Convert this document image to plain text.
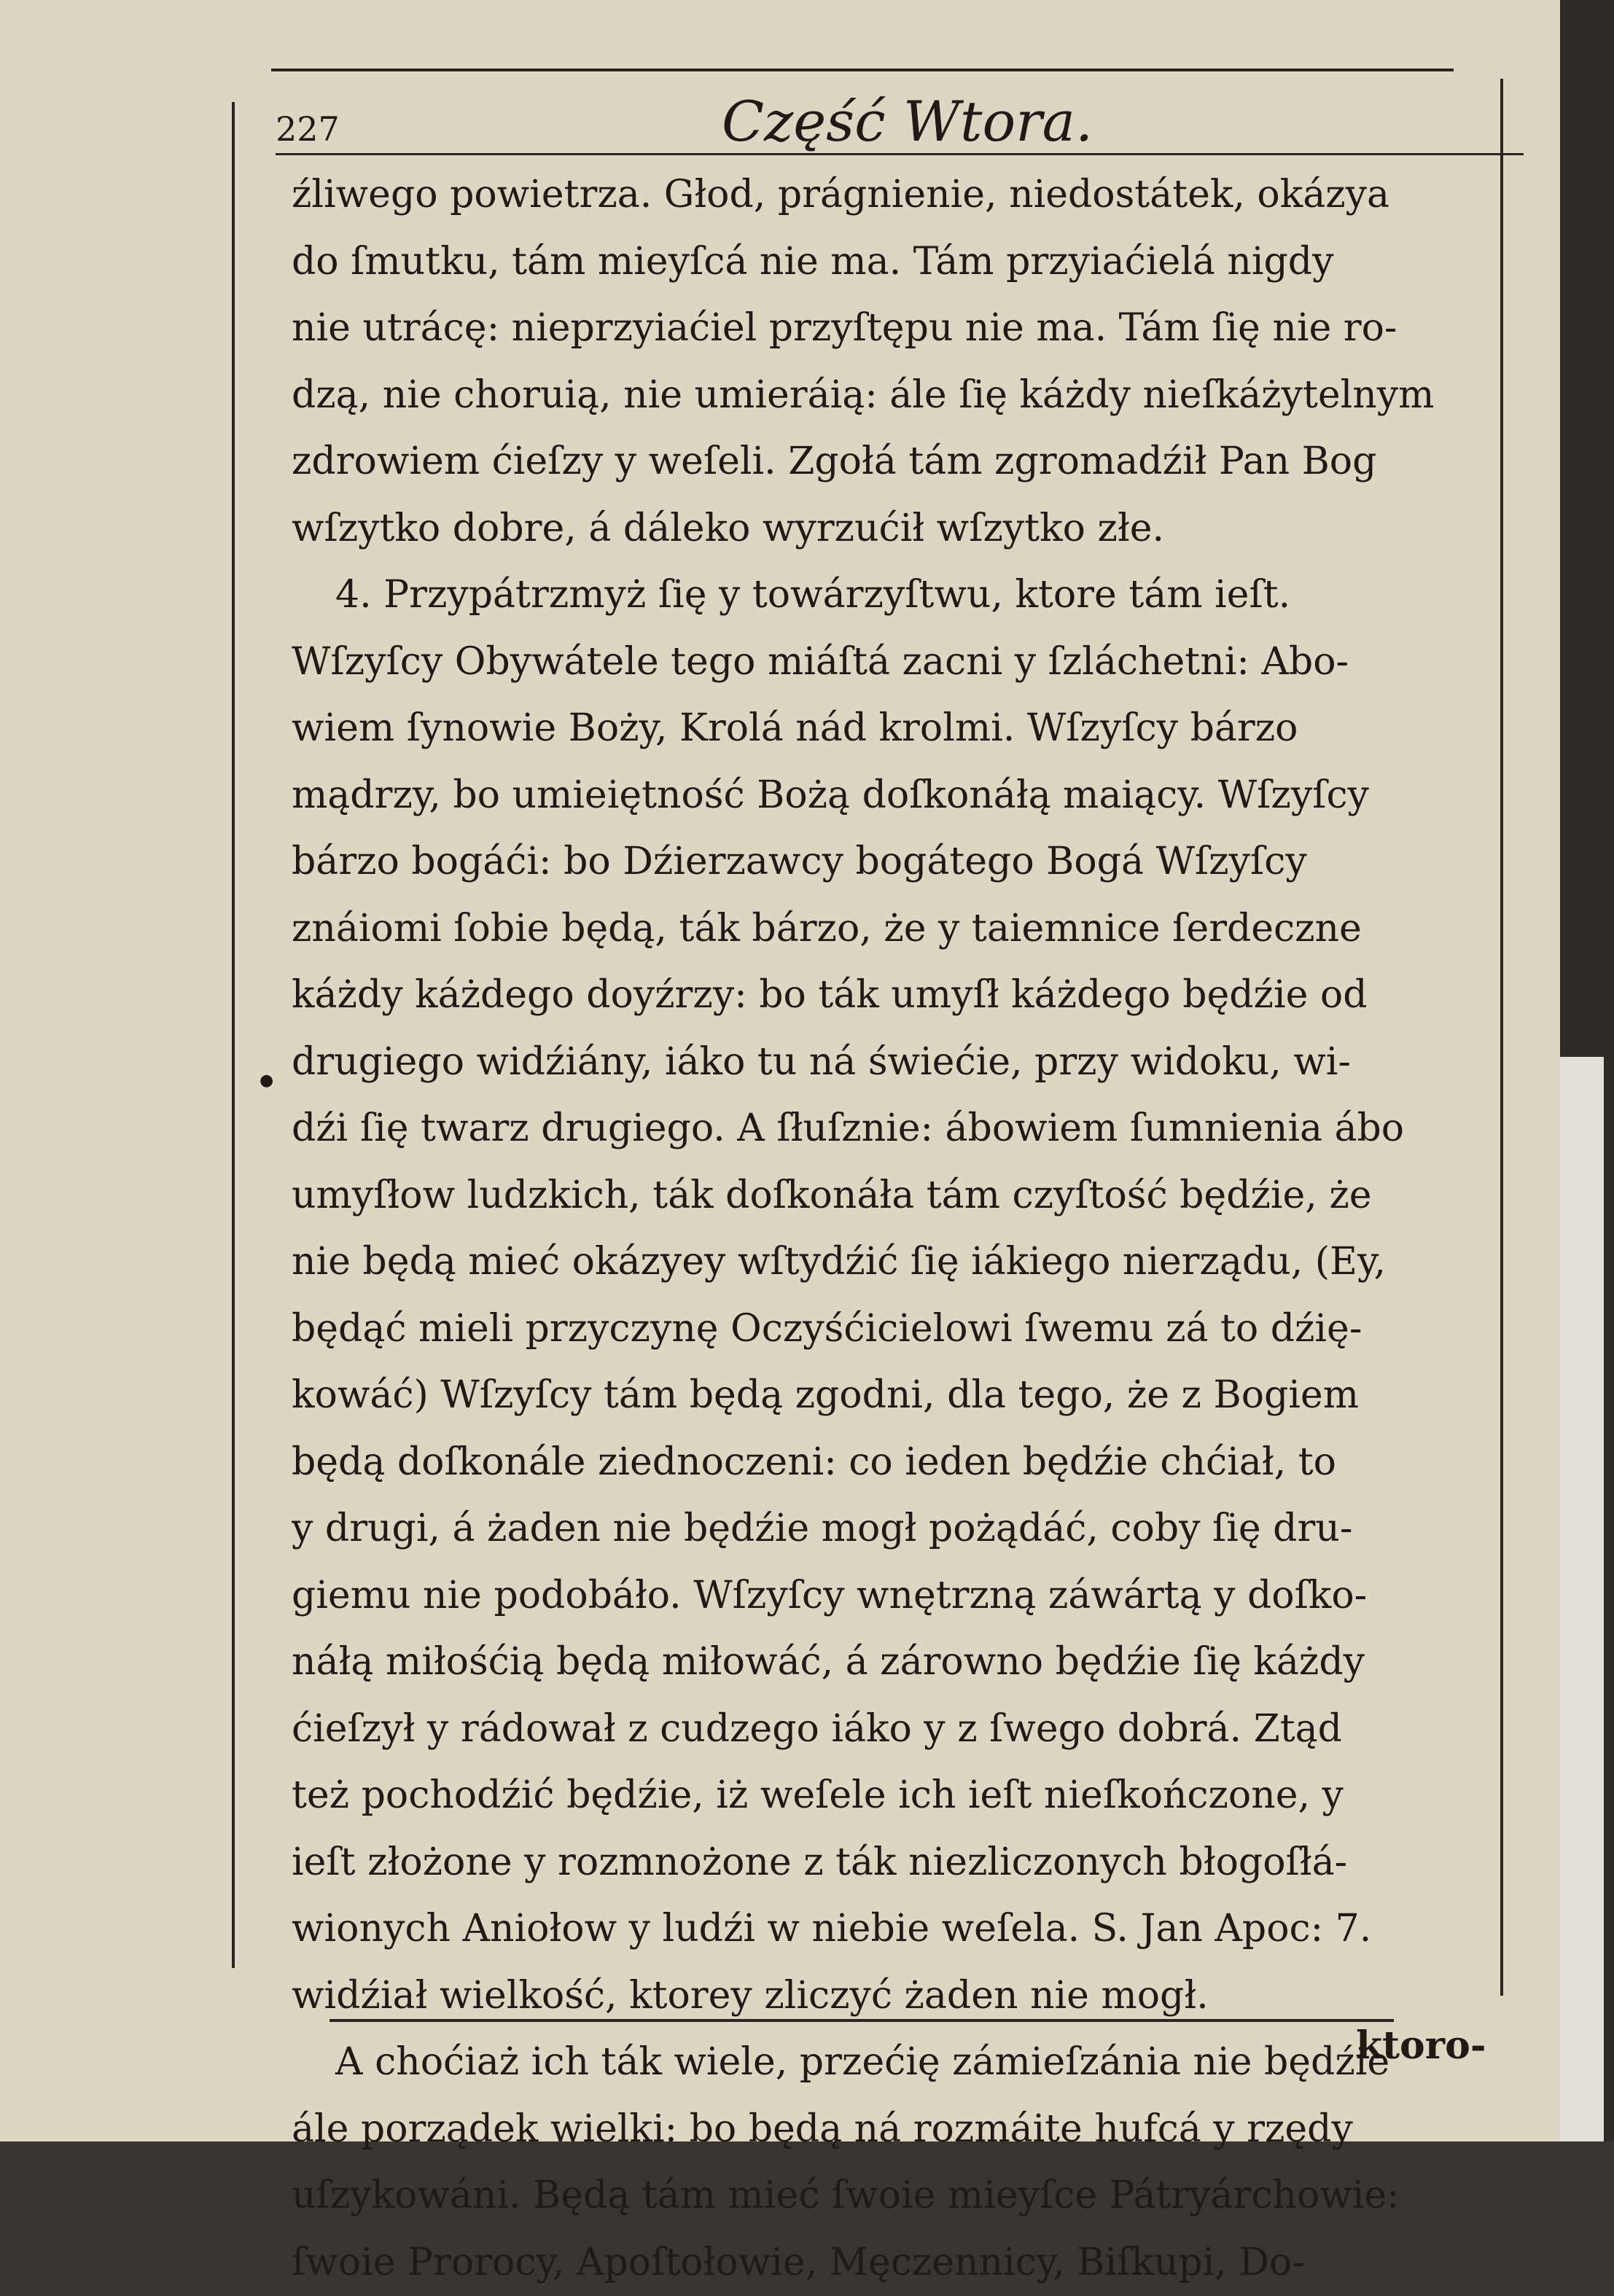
227	Część Wtora.
●
źliwego powietrza. Głod, prágnienie, niedostátek, okázya
do ſmutku, tám mieyſcá nie ma. Tám przyiaćielá nigdy
nie utrácę: nieprzyiaćiel przyſtępu nie ma. Tám ſię nie ro-
dzą, nie choruią, nie umieráią: ále ſię káżdy nieſkáżytelnym
zdrowiem ćieſzy y weſeli. Zgołá tám zgromadźił Pan Bog
wſzytko dobre, á dáleko wyrzućił wſzytko złe.
4. Przypátrzmyż ſię y towárzyſtwu, ktore tám ieſt.
Wſzyſcy Obywátele tego miáſtá zacni y ſzláchetni: Abo-
wiem ſynowie Boży, Krolá nád krolmi. Wſzyſcy bárzo
mądrzy, bo umieiętność Bożą doſkonáłą maiący. Wſzyſcy
bárzo bogáći: bo Dźierzawcy bogátego Bogá Wſzyſcy
znáiomi ſobie będą, ták bárzo, że y taiemnice ſerdeczne
káżdy káżdego doyźrzy: bo ták umyſł káżdego będźie od
drugiego widźiány, iáko tu ná świećie, przy widoku, wi-
dźi ſię twarz drugiego. A ſłuſznie: ábowiem ſumnienia ábo
umyſłow ludzkich, ták doſkonáła tám czyſtość będźie, że
nie będą mieć okázyey wſtydźić ſię iákiego nierządu, (Ey,
będąć mieli przyczynę Oczyśćicielowi ſwemu zá to dźię-
kowáć) Wſzyſcy tám będą zgodni, dla tego, że z Bogiem
będą doſkonále ziednoczeni: co ieden będźie chćiał, to
y drugi, á żaden nie będźie mogł pożądáć, coby ſię dru-
giemu nie podobáło. Wſzyſcy wnętrzną záwártą y doſko-
náłą miłośćią będą miłowáć, á zárowno będźie ſię káżdy
ćieſzył y rádował z cudzego iáko y z ſwego dobrá. Ztąd
też pochodźić będźie, iż weſele ich ieſt nieſkończone, y
ieſt złożone y rozmnożone z ták niezliczonych błogoſłá-
wionych Aniołow y ludźi w niebie weſela. S. Jan Apoc: 7.
widźiał wielkość, ktorey zliczyć żaden nie mogł.
A choćiaż ich ták wiele, przećię zámieſzánia nie będźie
ále porządek wielki: bo będą ná rozmáite hufcá y rzędy
uſzykowáni. Będą tám mieć ſwoie mieyſce Pátryárchowie:
ſwoie Prorocy, Apoſtołowie, Męczennicy, Biſkupi, Do-
ktoro-
